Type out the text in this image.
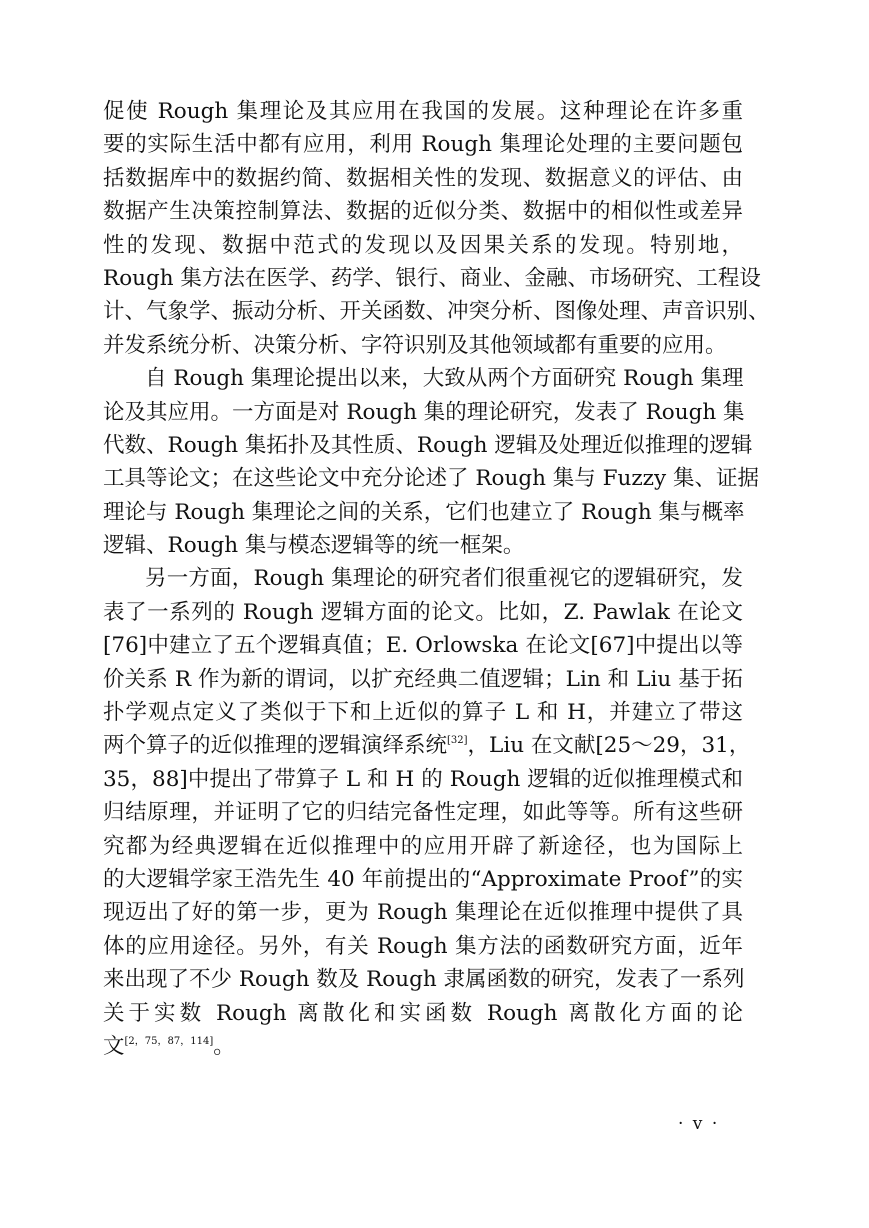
促使 Rough 集理论及其应用在我国的发展。这种理论在许多重
要的实际生活中都有应用，利用 Rough 集理论处理的主要问题包
括数据库中的数据约简、数据相关性的发现、数据意义的评估、由
数据产生决策控制算法、数据的近似分类、数据中的相似性或差异
性的发现、数据中范式的发现以及因果关系的发现。特别地，
Rough 集方法在医学、药学、银行、商业、金融、市场研究、工程设
计、气象学、振动分析、开关函数、冲突分析、图像处理、声音识别、
并发系统分析、决策分析、字符识别及其他领域都有重要的应用。
自 Rough 集理论提出以来，大致从两个方面研究 Rough 集理
论及其应用。一方面是对 Rough 集的理论研究，发表了 Rough 集
代数、Rough 集拓扑及其性质、Rough 逻辑及处理近似推理的逻辑
工具等论文；在这些论文中充分论述了 Rough 集与 Fuzzy 集、证据
理论与 Rough 集理论之间的关系，它们也建立了 Rough 集与概率
逻辑、Rough 集与模态逻辑等的统一框架。
另一方面，Rough 集理论的研究者们很重视它的逻辑研究，发
表了一系列的 Rough 逻辑方面的论文。比如，Z. Pawlak 在论文
[76]中建立了五个逻辑真值；E. Orlowska 在论文[67]中提出以等
价关系 R 作为新的谓词，以扩充经典二值逻辑；Lin 和 Liu 基于拓
扑学观点定义了类似于下和上近似的算子 L 和 H，并建立了带这
两个算子的近似推理的逻辑演绎系统[32]，Liu 在文献[25～29，31，
35，88]中提出了带算子 L 和 H 的 Rough 逻辑的近似推理模式和
归结原理，并证明了它的归结完备性定理，如此等等。所有这些研
究都为经典逻辑在近似推理中的应用开辟了新途径，也为国际上
的大逻辑学家王浩先生 40 年前提出的“Approximate Proof”的实
现迈出了好的第一步，更为 Rough 集理论在近似推理中提供了具
体的应用途径。另外，有关 Rough 集方法的函数研究方面，近年
来出现了不少 Rough 数及 Rough 隶属函数的研究，发表了一系列
关于实数 Rough 离散化和实函数 Rough 离散化方面的论
文[2，75，87，114]。
· v ·
